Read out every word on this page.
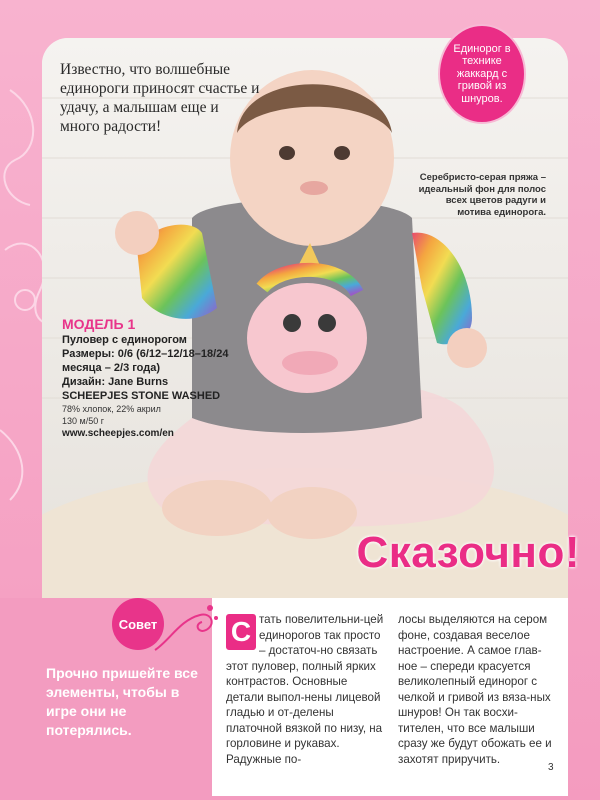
Известно, что волшебные единороги приносят счастье и удачу, а малышам еще и много радости!
Единорог в технике жаккард с гривой из шнуров.
Серебристо-серая пряжа – идеальный фон для полос всех цветов радуги и мотива единорога.
МОДЕЛЬ 1
Пуловер с единорогом
Размеры: 0/6 (6/12–12/18–18/24 месяца – 2/3 года)
Дизайн: Jane Burns
SCHEEPJES STONE WASHED
78% хлопок, 22% акрил
130 м/50 г
www.scheepjes.com/en
Сказочно!
Совет
Прочно пришейте все элементы, чтобы в игре они не потерялись.
С тать повелительни-цей единорогов так просто – достаточ-но связать этот пуловер, полный ярких контрастов. Основные детали выпол-нены лицевой гладью и от-делены платочной вязкой по низу, на горловине и рукавах. Радужные по-
лосы выделяются на сером фоне, создавая веселое настроение. А самое глав-ное – спереди красуется великолепный единорог с челкой и гривой из вяза-ных шнуров! Он так восхи-тителен, что все малыши сразу же будут обожать ее и захотят приручить.
3
